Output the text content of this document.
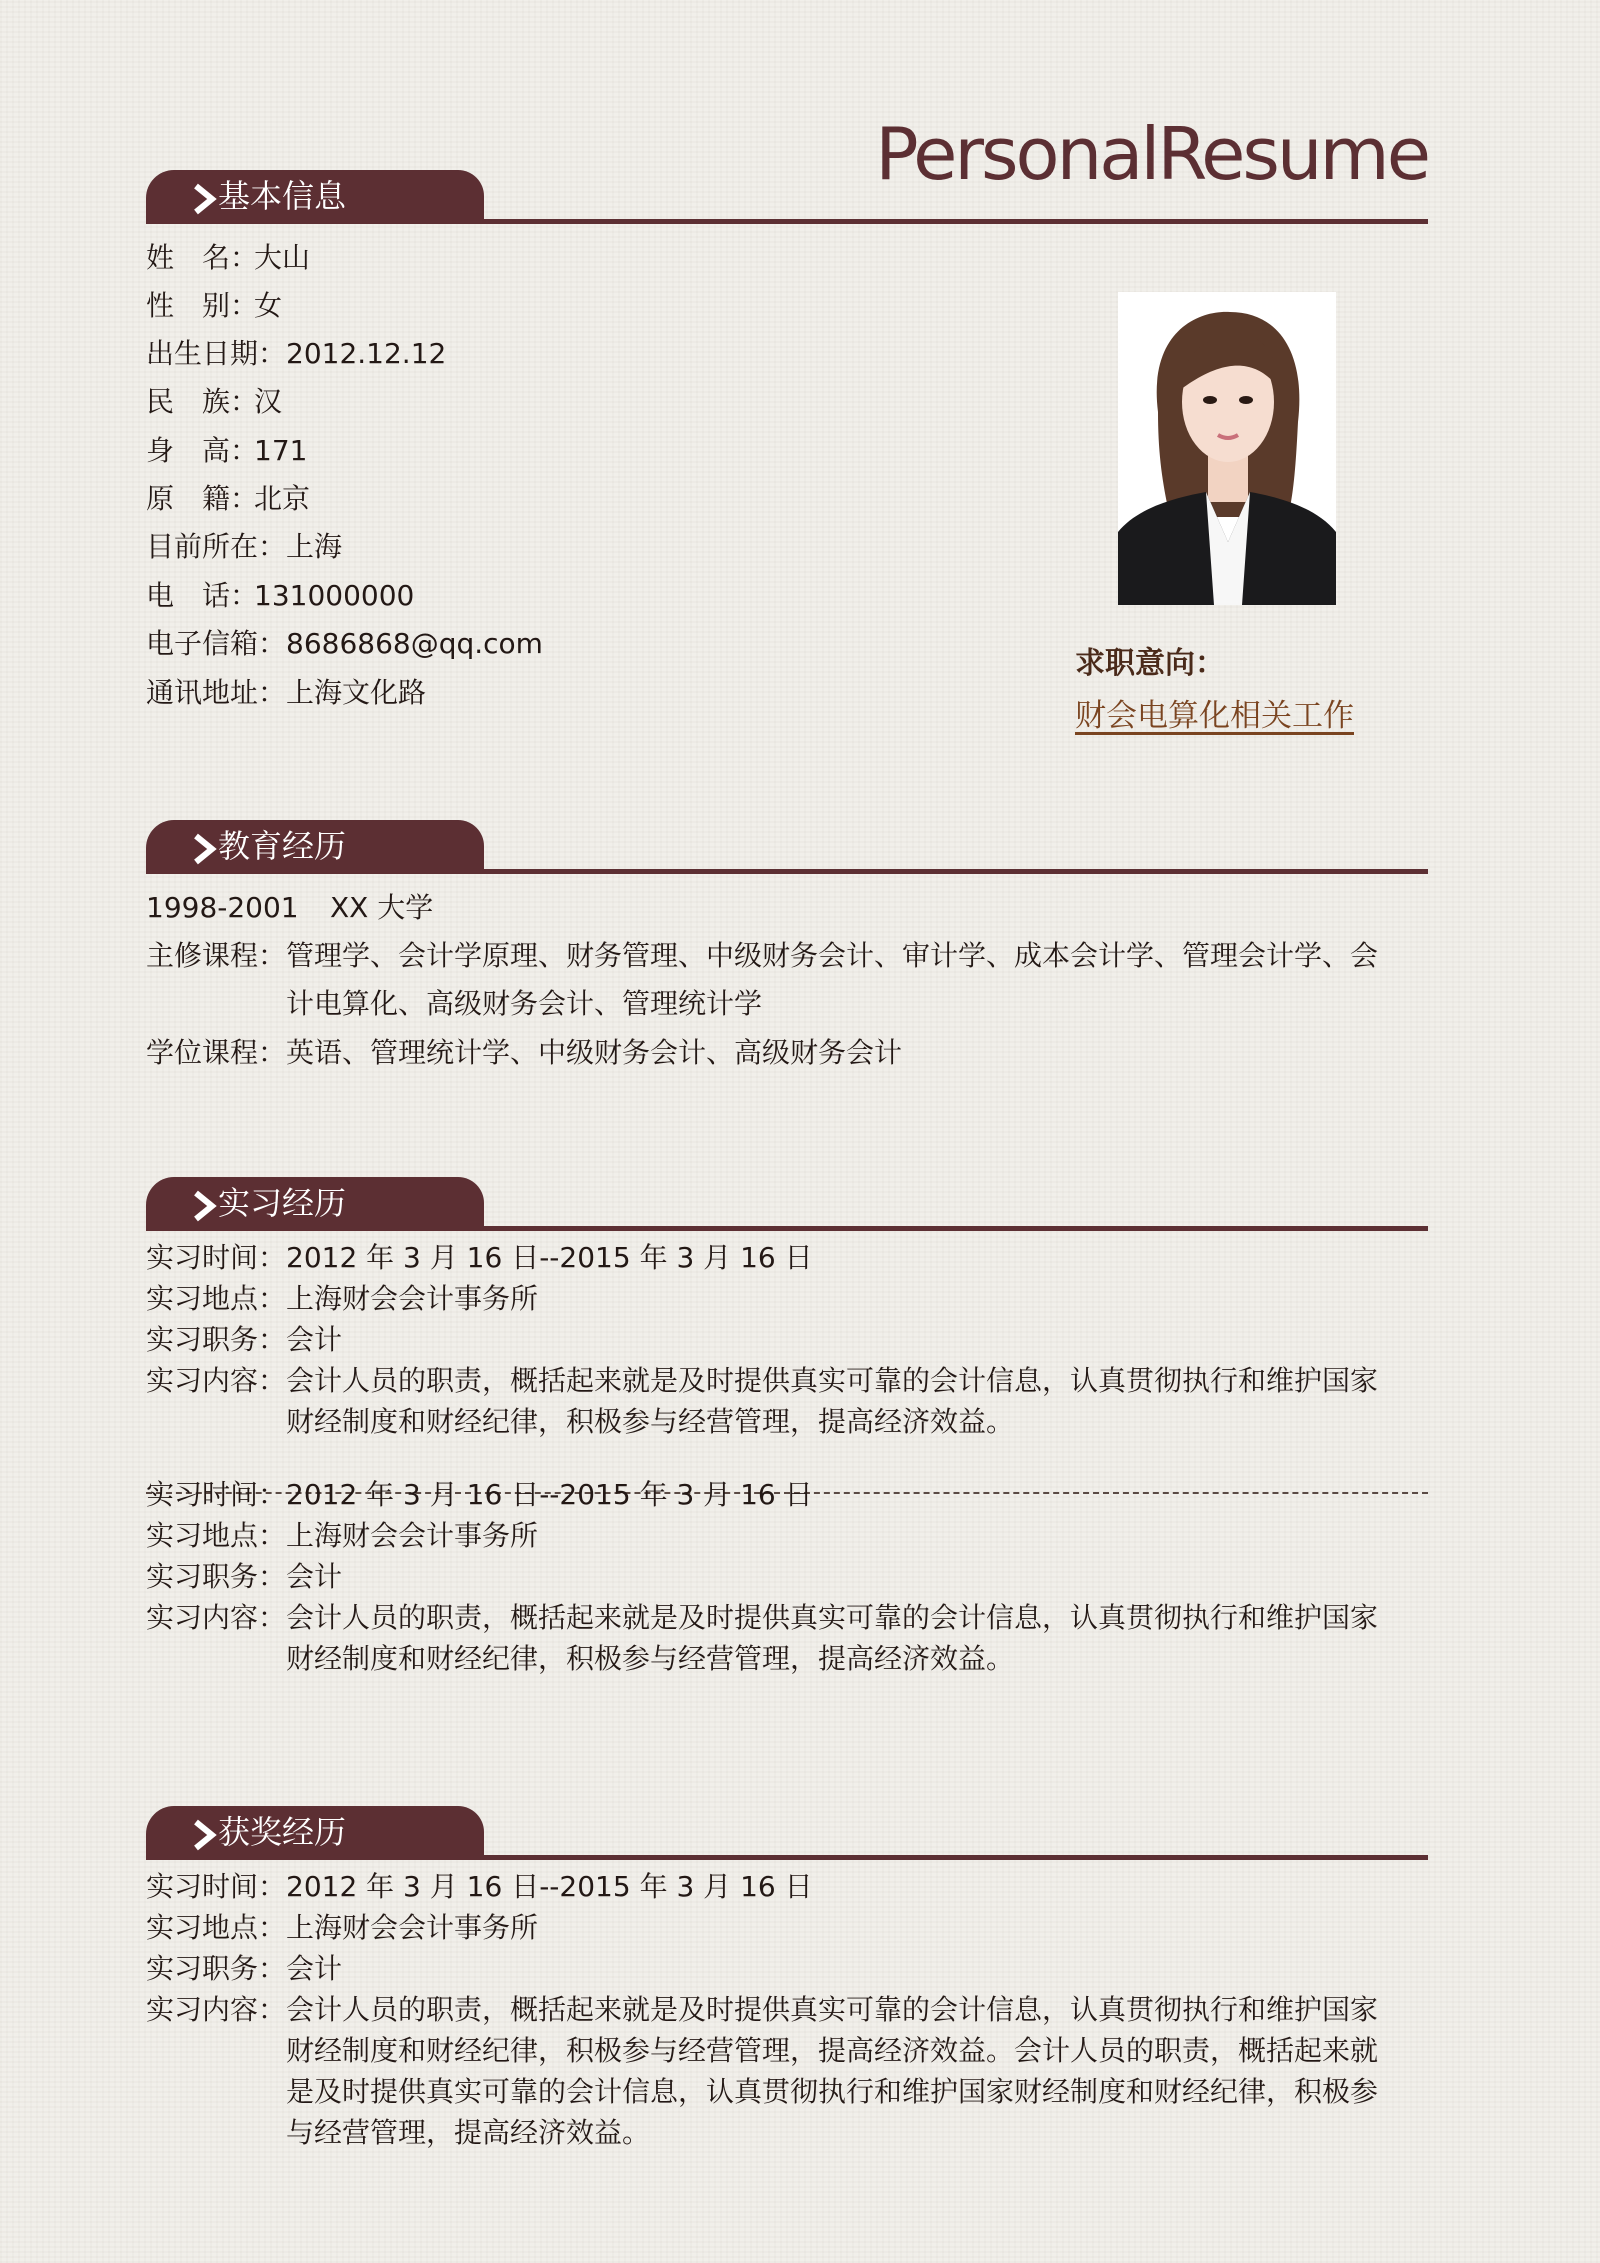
PersonalResume
基本信息
姓　名：
大山
性　别：
女
出生日期： 2012.12.12
民　族：
汉
身　高：
171
原　籍：
北京
目前所在： 上海
电　话：
131000000
电子信箱： 8686868@qq.com
通讯地址： 上海文化路
求职意向：
财会电算化相关工作
教育经历
1998-2001 XX 大学
主修课程： 管理学、会计学原理、财务管理、中级财务会计、审计学、成本会计学、管理会计学、会
计电算化、高级财务会计、管理统计学
学位课程： 英语、管理统计学、中级财务会计、高级财务会计
实习经历
实习时间： 2012 年 3 月 16 日--2015 年 3 月 16 日
实习地点： 上海财会会计事务所
实习职务： 会计
实习内容： 会计人员的职责，概括起来就是及时提供真实可靠的会计信息，认真贯彻执行和维护国家
财经制度和财经纪律，积极参与经营管理，提高经济效益。
实习时间： 2012 年 3 月 16 日--2015 年 3 月 16 日
实习地点： 上海财会会计事务所
实习职务： 会计
实习内容： 会计人员的职责，概括起来就是及时提供真实可靠的会计信息，认真贯彻执行和维护国家
财经制度和财经纪律，积极参与经营管理，提高经济效益。
获奖经历
实习时间： 2012 年 3 月 16 日--2015 年 3 月 16 日
实习地点： 上海财会会计事务所
实习职务： 会计
实习内容： 会计人员的职责，概括起来就是及时提供真实可靠的会计信息，认真贯彻执行和维护国家
财经制度和财经纪律，积极参与经营管理，提高经济效益。会计人员的职责，概括起来就
是及时提供真实可靠的会计信息，认真贯彻执行和维护国家财经制度和财经纪律，积极参
与经营管理，提高经济效益。
